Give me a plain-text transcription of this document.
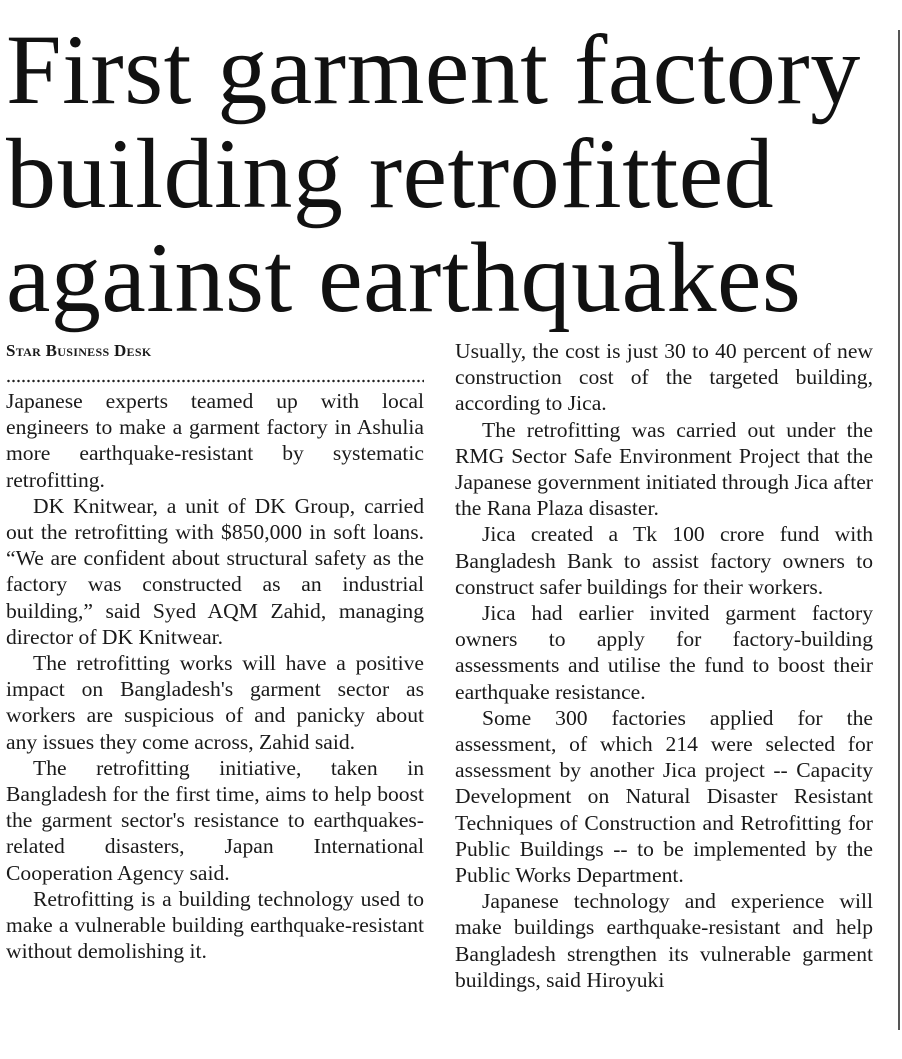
First garment factory
building retrofitted
against earthquakes
Star Business Desk

Japanese experts teamed up with local engineers to make a garment factory in Ashulia more earthquake-resistant by systematic retrofitting.

DK Knitwear, a unit of DK Group, carried out the retrofitting with $850,000 in soft loans. “We are confident about structural safety as the factory was constructed as an industrial building,” said Syed AQM Zahid, managing director of DK Knitwear.

The retrofitting works will have a positive impact on Bangladesh's garment sector as workers are suspicious of and panicky about any issues they come across, Zahid said.

The retrofitting initiative, taken in Bangladesh for the first time, aims to help boost the garment sector's resistance to earthquakes-related disasters, Japan International Cooperation Agency said.

Retrofitting is a building technology used to make a vulnerable building earthquake-resistant without demolishing it.

Usually, the cost is just 30 to 40 percent of new construction cost of the targeted building, according to Jica.

The retrofitting was carried out under the RMG Sector Safe Environment Project that the Japanese government initiated through Jica after the Rana Plaza disaster.

Jica created a Tk 100 crore fund with Bangladesh Bank to assist factory owners to construct safer buildings for their workers.

Jica had earlier invited garment factory owners to apply for factory-building assessments and utilise the fund to boost their earthquake resistance.

Some 300 factories applied for the assessment, of which 214 were selected for assessment by another Jica project -- Capacity Development on Natural Disaster Resistant Techniques of Construction and Retrofitting for Public Buildings -- to be implemented by the Public Works Department.

Japanese technology and experience will make buildings earthquake-resistant and help Bangladesh strengthen its vulnerable garment buildings, said Hiroyuki
